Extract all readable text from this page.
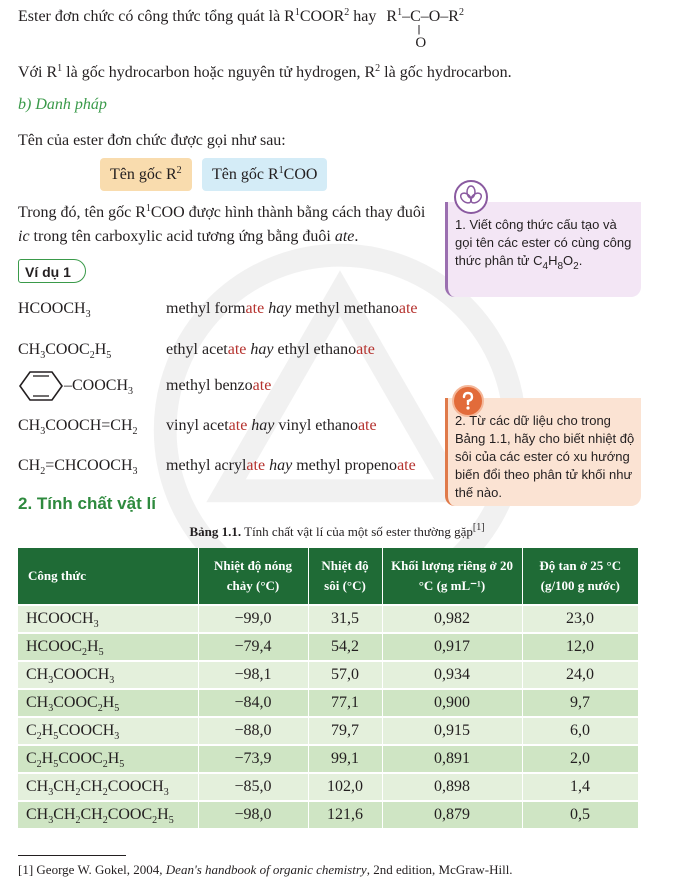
Ester đơn chức có công thức tổng quát là $R^1COOR^2$ hay $R^1-C-O-R^2$
||
O
Với $R^1$ là gốc hydrocarbon hoặc nguyên tử hydrogen, $R^2$ là gốc hydrocarbon.
b) Danh pháp
Tên của ester đơn chức được gọi như sau:
Tên gốc $R^2$	Tên gốc $R^1COO$
Trong đó, tên gốc $R^1COO$ được hình thành bằng cách thay đuôi ic trong tên carboxylic acid tương ứng bằng đuôi ate.
Ví dụ 1
$HCOOCH_3$	methyl formate hay methyl methanoate
$CH_3COOC_2H_5$	ethyl acetate hay ethyl ethanoate
$-COOCH_3$ methyl benzoate
$CH_3COOCH=CH_2$ vinyl acetate hay vinyl ethanoate
$CH_2=CHCOOCH_3$ methyl acrylate hay methyl propenoate
1. Viết công thức cấu tạo và gọi tên các ester có cùng công thức phân tử $C_4H_8O_2$.
2. Từ các dữ liệu cho trong Bảng 1.1, hãy cho biết nhiệt độ sôi của các ester có xu hướng biến đổi theo phân tử khối như thế nào.
2. Tính chất vật lí
Bảng 1.1. Tính chất vật lí của một số ester thường gặp[1]
Công thức	Nhiệt độ nóng chảy (°C)	Nhiệt độ sôi (°C)	Khối lượng riêng ở 20 °C (g mL⁻¹)	Độ tan ở 25 °C (g/100 g nước)
$HCOOCH_3$	−99,0	31,5	0,982	23,0
$HCOOC_2H_5$	−79,4	54,2	0,917	12,0
$CH_3COOCH_3$	−98,1	57,0	0,934	24,0
$CH_3COOC_2H_5$	−84,0	77,1	0,900	9,7
$C_2H_5COOCH_3$	−88,0	79,7	0,915	6,0
$C_2H_5COOC_2H_5$	−73,9	99,1	0,891	2,0
$CH_3CH_2CH_2COOCH_3$	−85,0	102,0	0,898	1,4
$CH_3CH_2CH_2COOC_2H_5$	−98,0	121,6	0,879	0,5
[1] George W. Gokel, 2004, Dean's handbook of organic chemistry, 2nd edition, McGraw-Hill.
